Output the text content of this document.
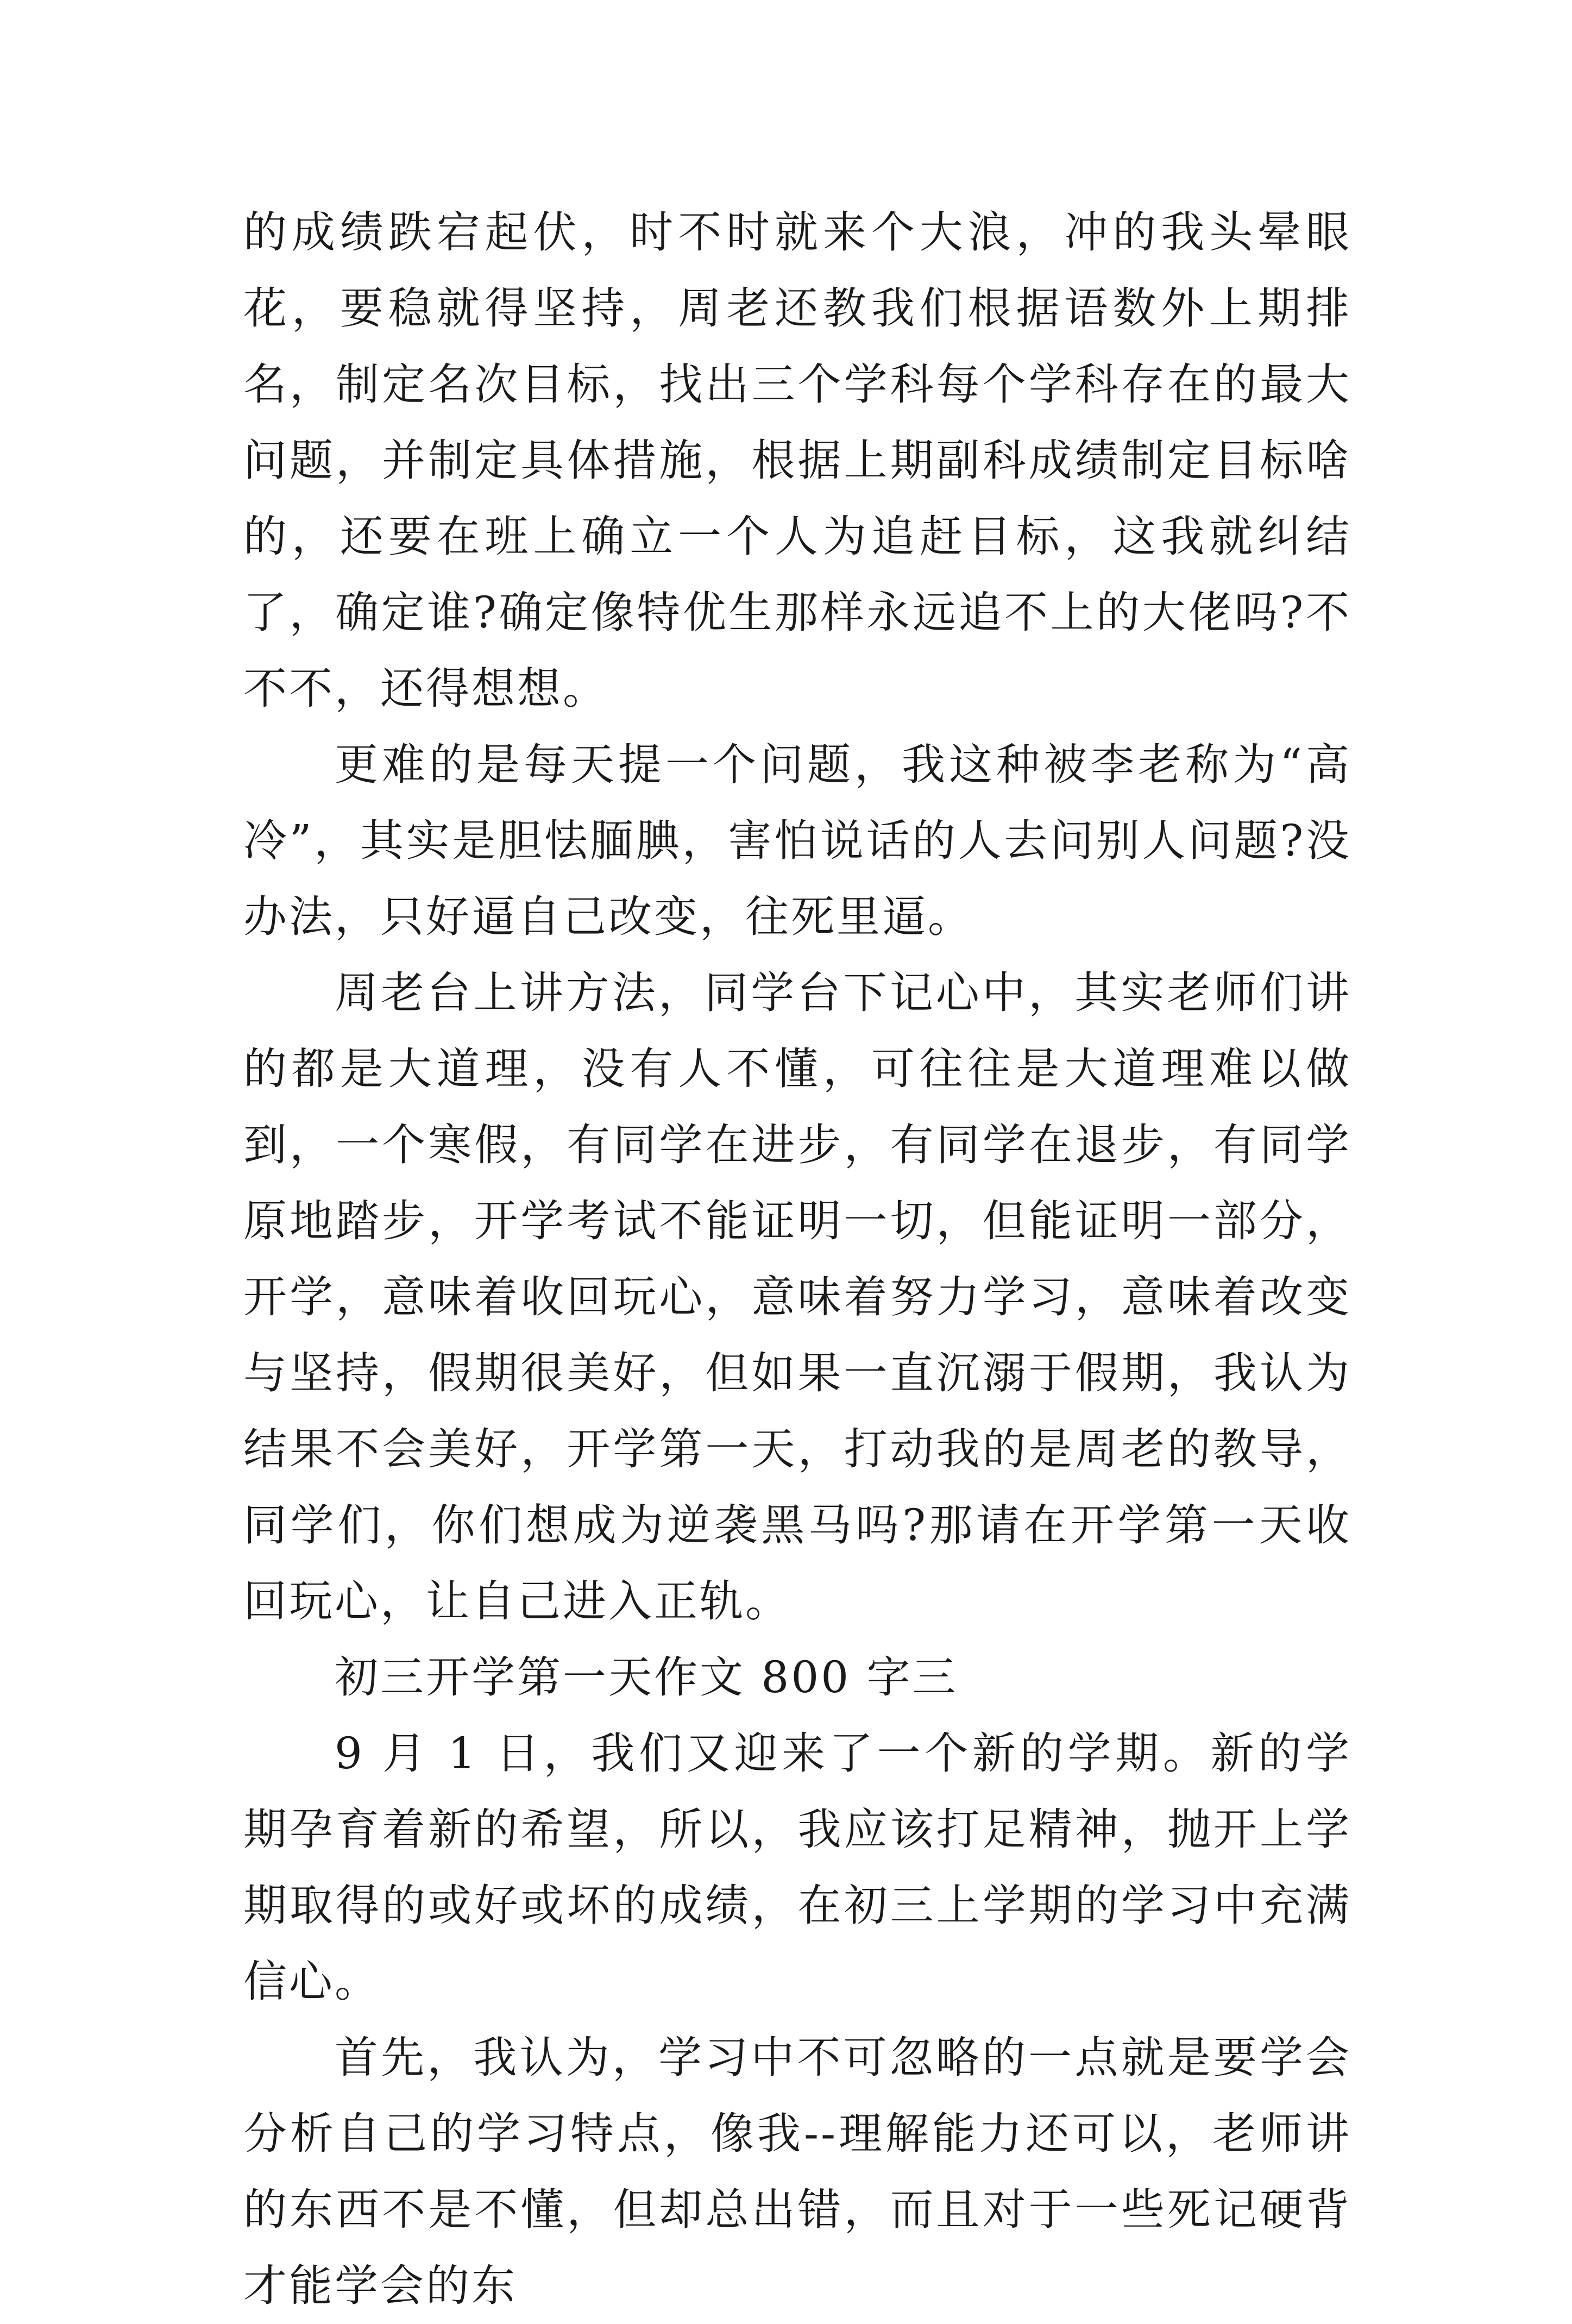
的成绩跌宕起伏，时不时就来个大浪，冲的我头晕眼花，要稳就得坚持，周老还教我们根据语数外上期排名，制定名次目标，找出三个学科每个学科存在的最大问题，并制定具体措施，根据上期副科成绩制定目标啥的，还要在班上确立一个人为追赶目标，这我就纠结了，确定谁?确定像特优生那样永远追不上的大佬吗?不不不，还得想想。

更难的是每天提一个问题，我这种被李老称为“高冷”，其实是胆怯腼腆，害怕说话的人去问别人问题?没办法，只好逼自己改变，往死里逼。

周老台上讲方法，同学台下记心中，其实老师们讲的都是大道理，没有人不懂，可往往是大道理难以做到，一个寒假，有同学在进步，有同学在退步，有同学原地踏步，开学考试不能证明一切，但能证明一部分，开学，意味着收回玩心，意味着努力学习，意味着改变与坚持，假期很美好，但如果一直沉溺于假期，我认为结果不会美好，开学第一天，打动我的是周老的教导，同学们，你们想成为逆袭黑马吗?那请在开学第一天收回玩心，让自己进入正轨。

初三开学第一天作文 800 字三

9 月 1 日，我们又迎来了一个新的学期。新的学期孕育着新的希望，所以，我应该打足精神，抛开上学期取得的或好或坏的成绩，在初三上学期的学习中充满信心。

首先，我认为，学习中不可忽略的一点就是要学会分析自己的学习特点，像我--理解能力还可以，老师讲的东西不是不懂，但却总出错，而且对于一些死记硬背才能学会的东
